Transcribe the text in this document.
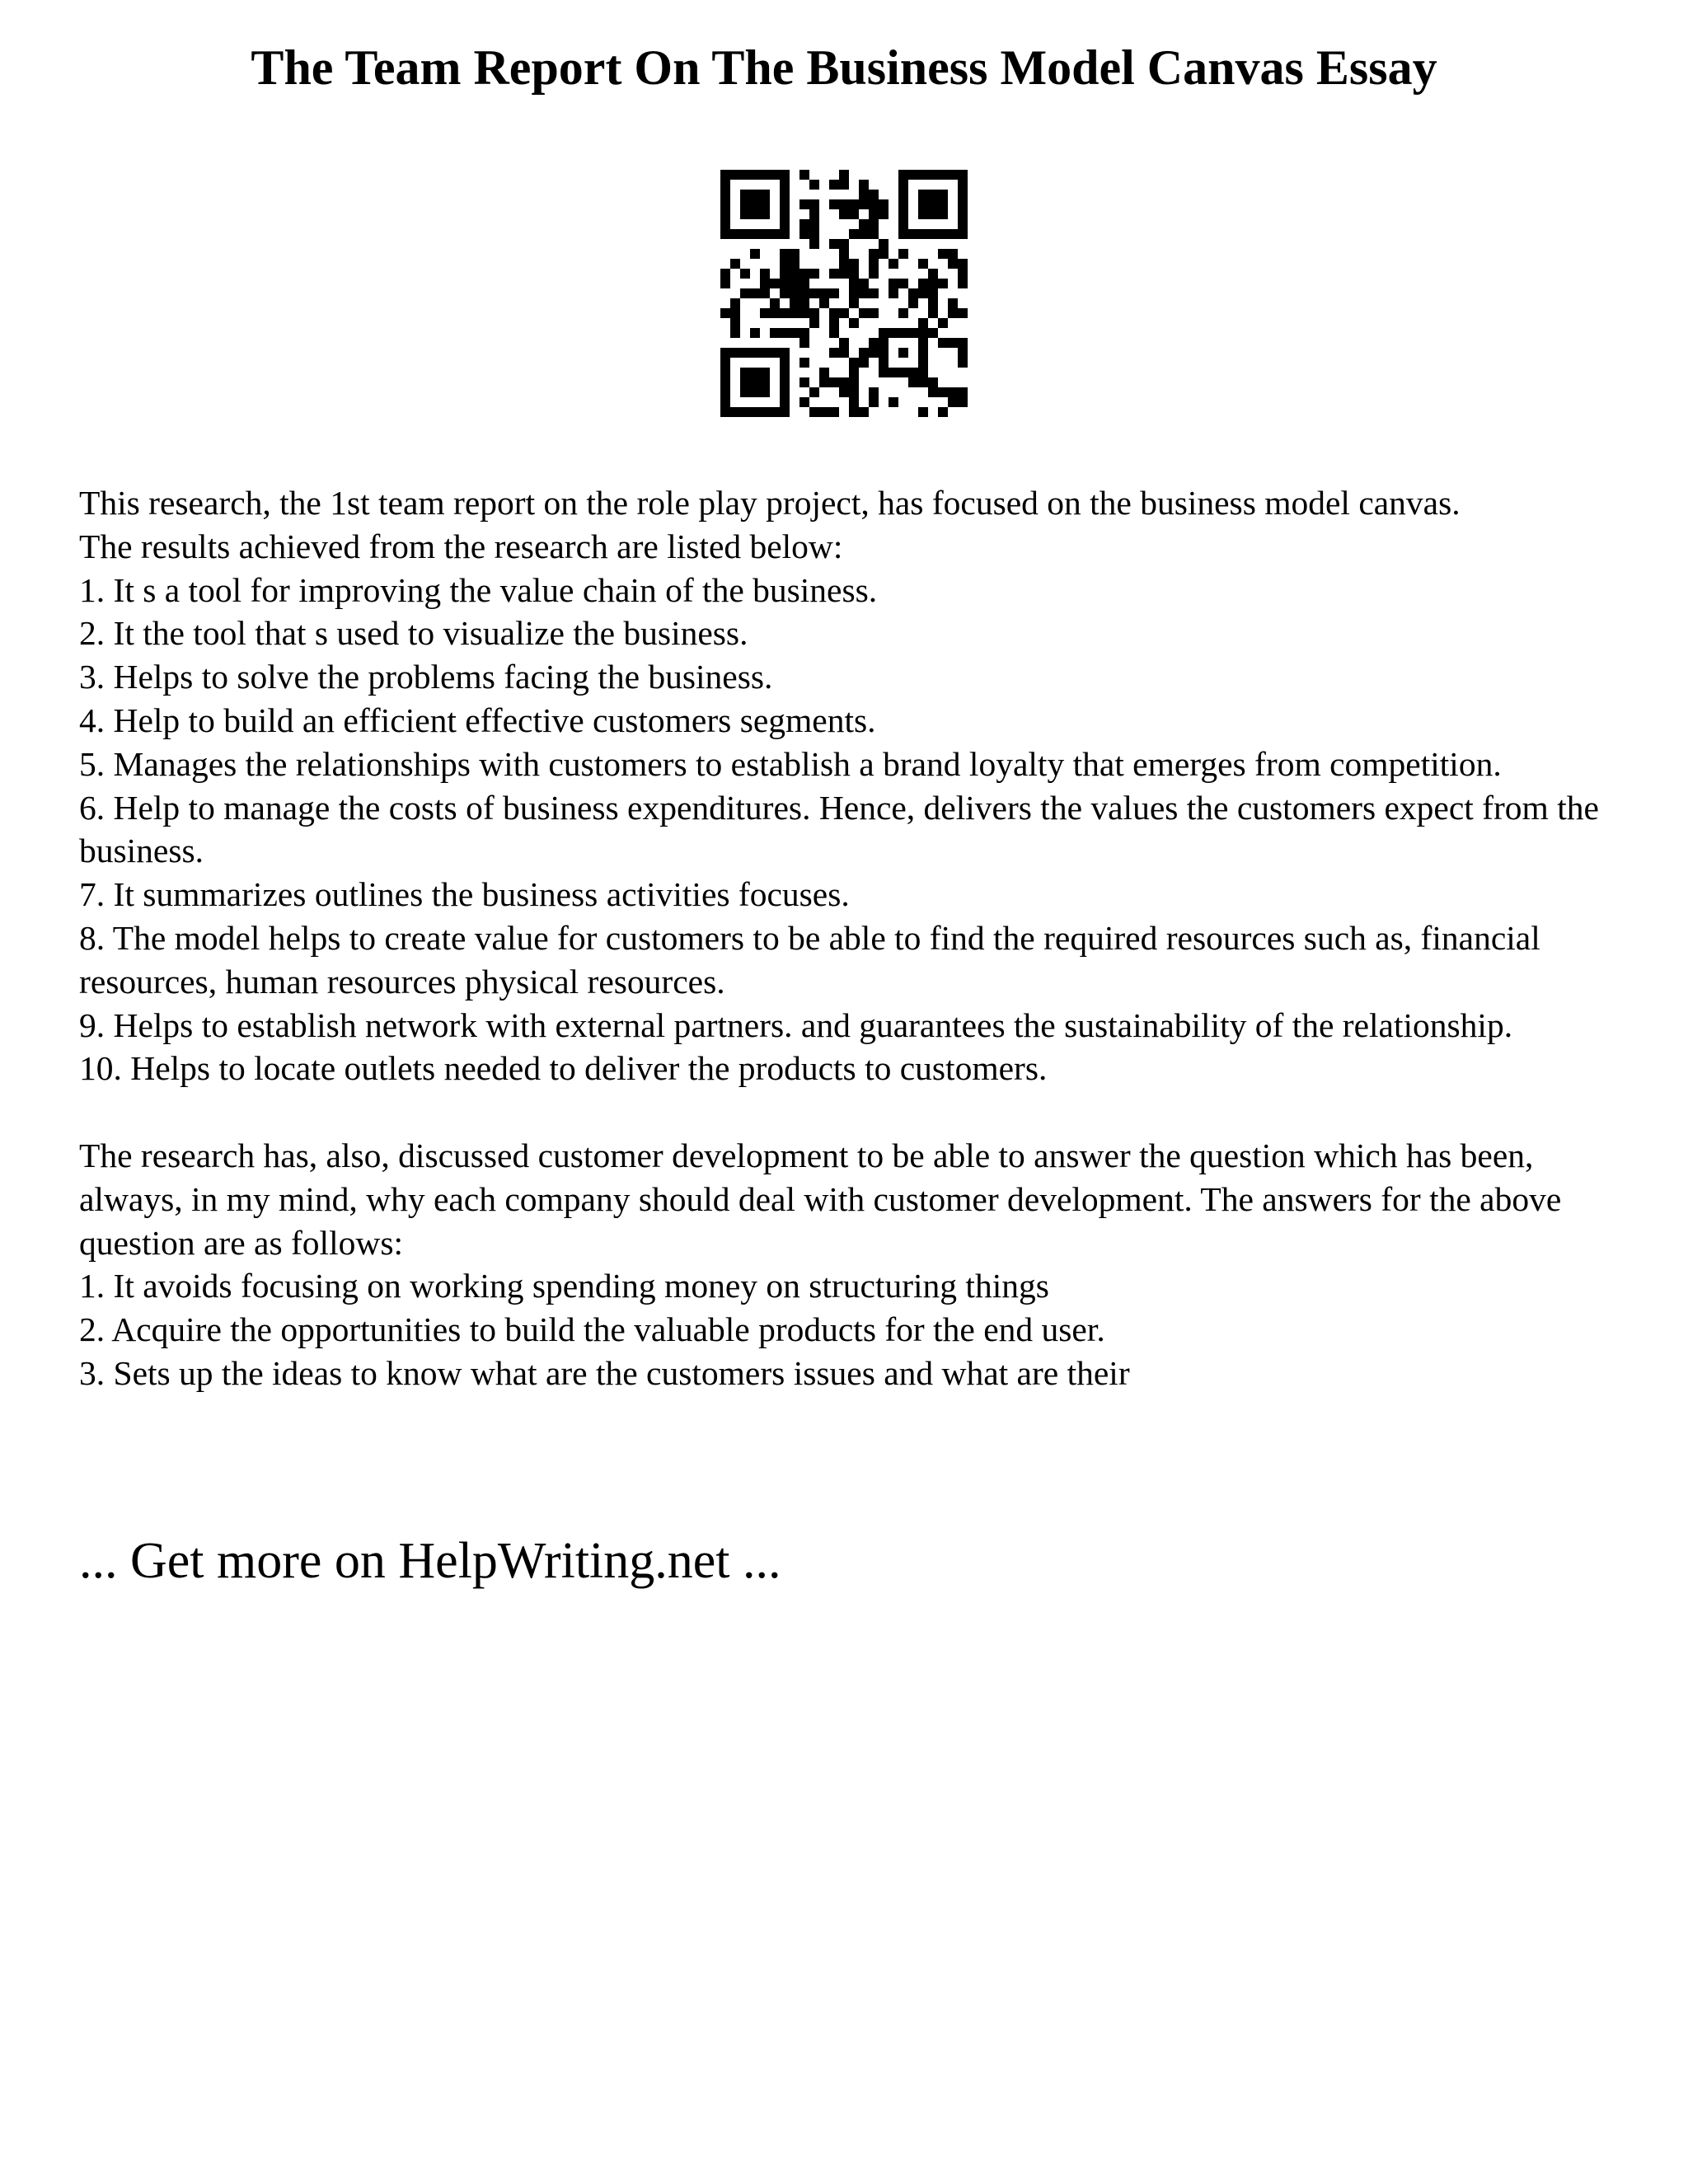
The Team Report On The Business Model Canvas Essay
This research, the 1st team report on the role play project, has focused on the business model canvas.
The results achieved from the research are listed below:
1. It s a tool for improving the value chain of the business.
2. It the tool that s used to visualize the business.
3. Helps to solve the problems facing the business.
4. Help to build an efficient effective customers segments.
5. Manages the relationships with customers to establish a brand loyalty that emerges from competition.
6. Help to manage the costs of business expenditures. Hence, delivers the values the customers expect from the business.
7. It summarizes outlines the business activities focuses.
8. The model helps to create value for customers to be able to find the required resources such as, financial resources, human resources physical resources.
9. Helps to establish network with external partners. and guarantees the sustainability of the relationship.
10. Helps to locate outlets needed to deliver the products to customers.
The research has, also, discussed customer development to be able to answer the question which has been, always, in my mind, why each company should deal with customer development. The answers for the above question are as follows:
1. It avoids focusing on working spending money on structuring things
2. Acquire the opportunities to build the valuable products for the end user.
3. Sets up the ideas to know what are the customers issues and what are their

... Get more on HelpWriting.net ...
